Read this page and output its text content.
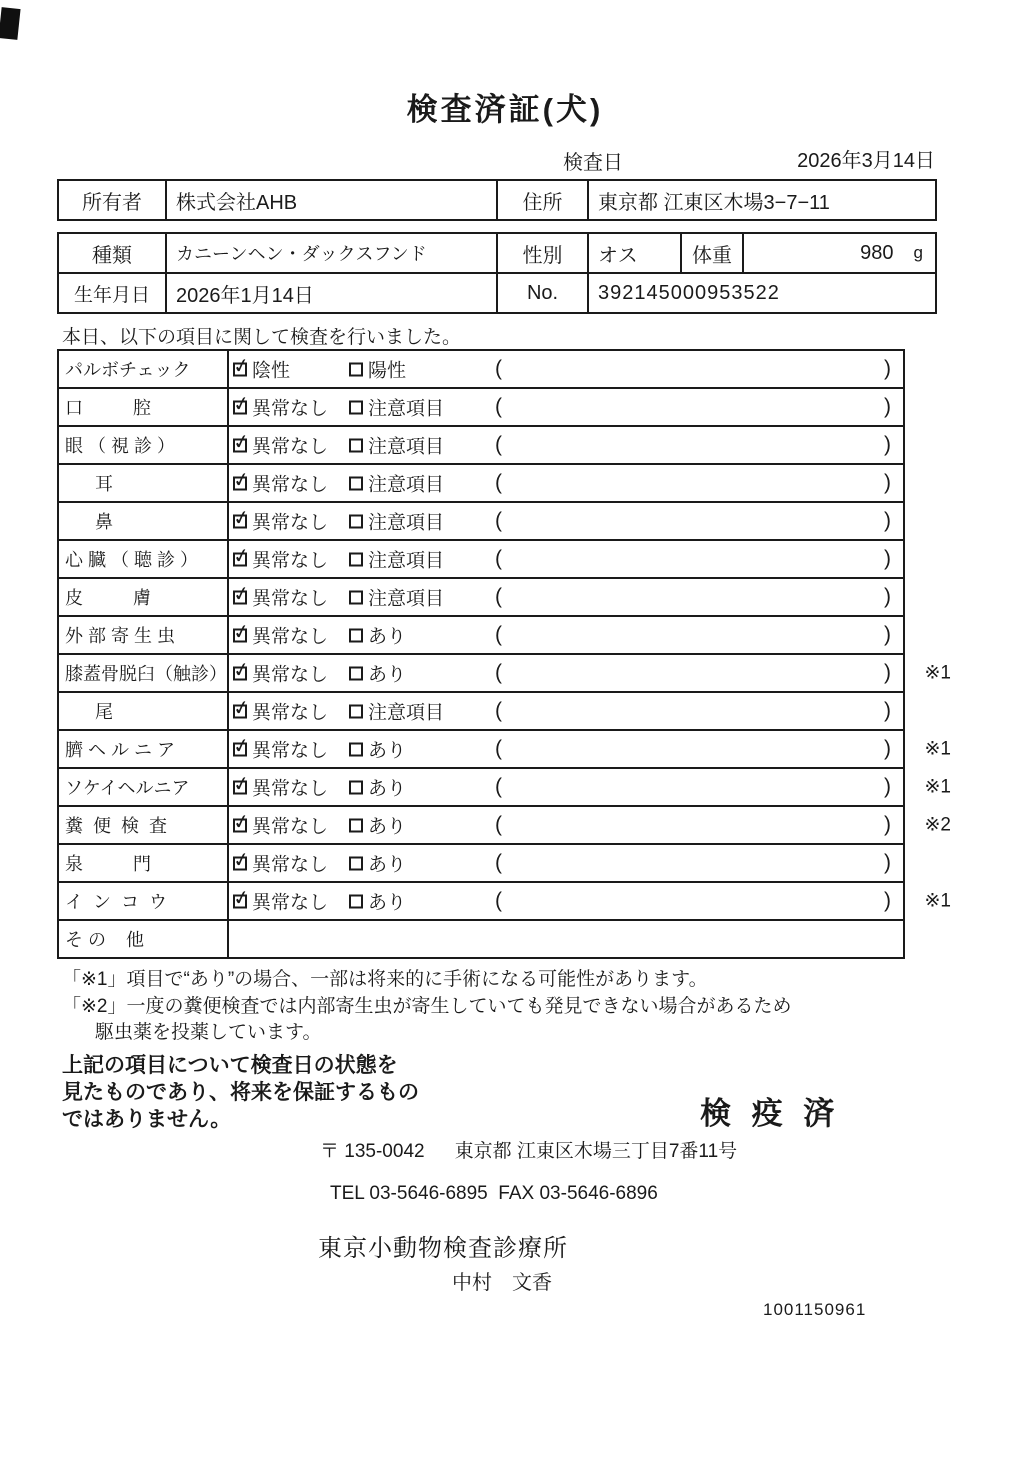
検査済証(犬)
検査日	2026年3月14日
所有者	株式会社AHB	住所	東京都 江東区木場3−7−11
種類	カニーンヘン・ダックスフンド	性別	オス	体重	980 g
生年月日	2026年1月14日	No.	392145000953522
本日、以下の項目に関して検査を行いました。
パルボチェック ✓	陰性	陽性	(	)
口          腔 ✓	異常なし 注意項目 (	)
眼 （ 視 診 ） ✓	異常なし 注意項目 (	)
耳 ✓	異常なし 注意項目 (	)
鼻 ✓	異常なし 注意項目 (	)
心 臓 （ 聴 診 ） ✓	異常なし 注意項目 (	)
皮          膚 ✓	異常なし 注意項目 (	)
外 部 寄 生 虫 ✓	異常なし あり	(	)
膝蓋骨脱臼（触診） ✓ 異常なし あり	(	) ※1
尾 ✓	異常なし 注意項目 (	)
臍 ヘ ル ニ ア ✓	異常なし あり	(	) ※1
ソケイヘルニア ✓	異常なし あり	(	) ※1
糞  便  検  査 ✓	異常なし あり	(	) ※2
泉          門 ✓	異常なし あり	(	)
イ  ン  コ  ウ ✓	異常なし あり	(	) ※1
そ の    他
「※1」項目で“あり”の場合、一部は将来的に手術になる可能性があります。
「※2」一度の糞便検査では内部寄生虫が寄生していても発見できない場合があるため
駆虫薬を投薬しています。
上記の項目について検査日の状態を
見たものであり、将来を保証するもの
ではありません。	検 疫 済
〒 135-0042 東京都 江東区木場三丁目7番11号
TEL 03-5646-6895  FAX 03-5646-6896
東京小動物検査診療所
中村　文香
1001150961
